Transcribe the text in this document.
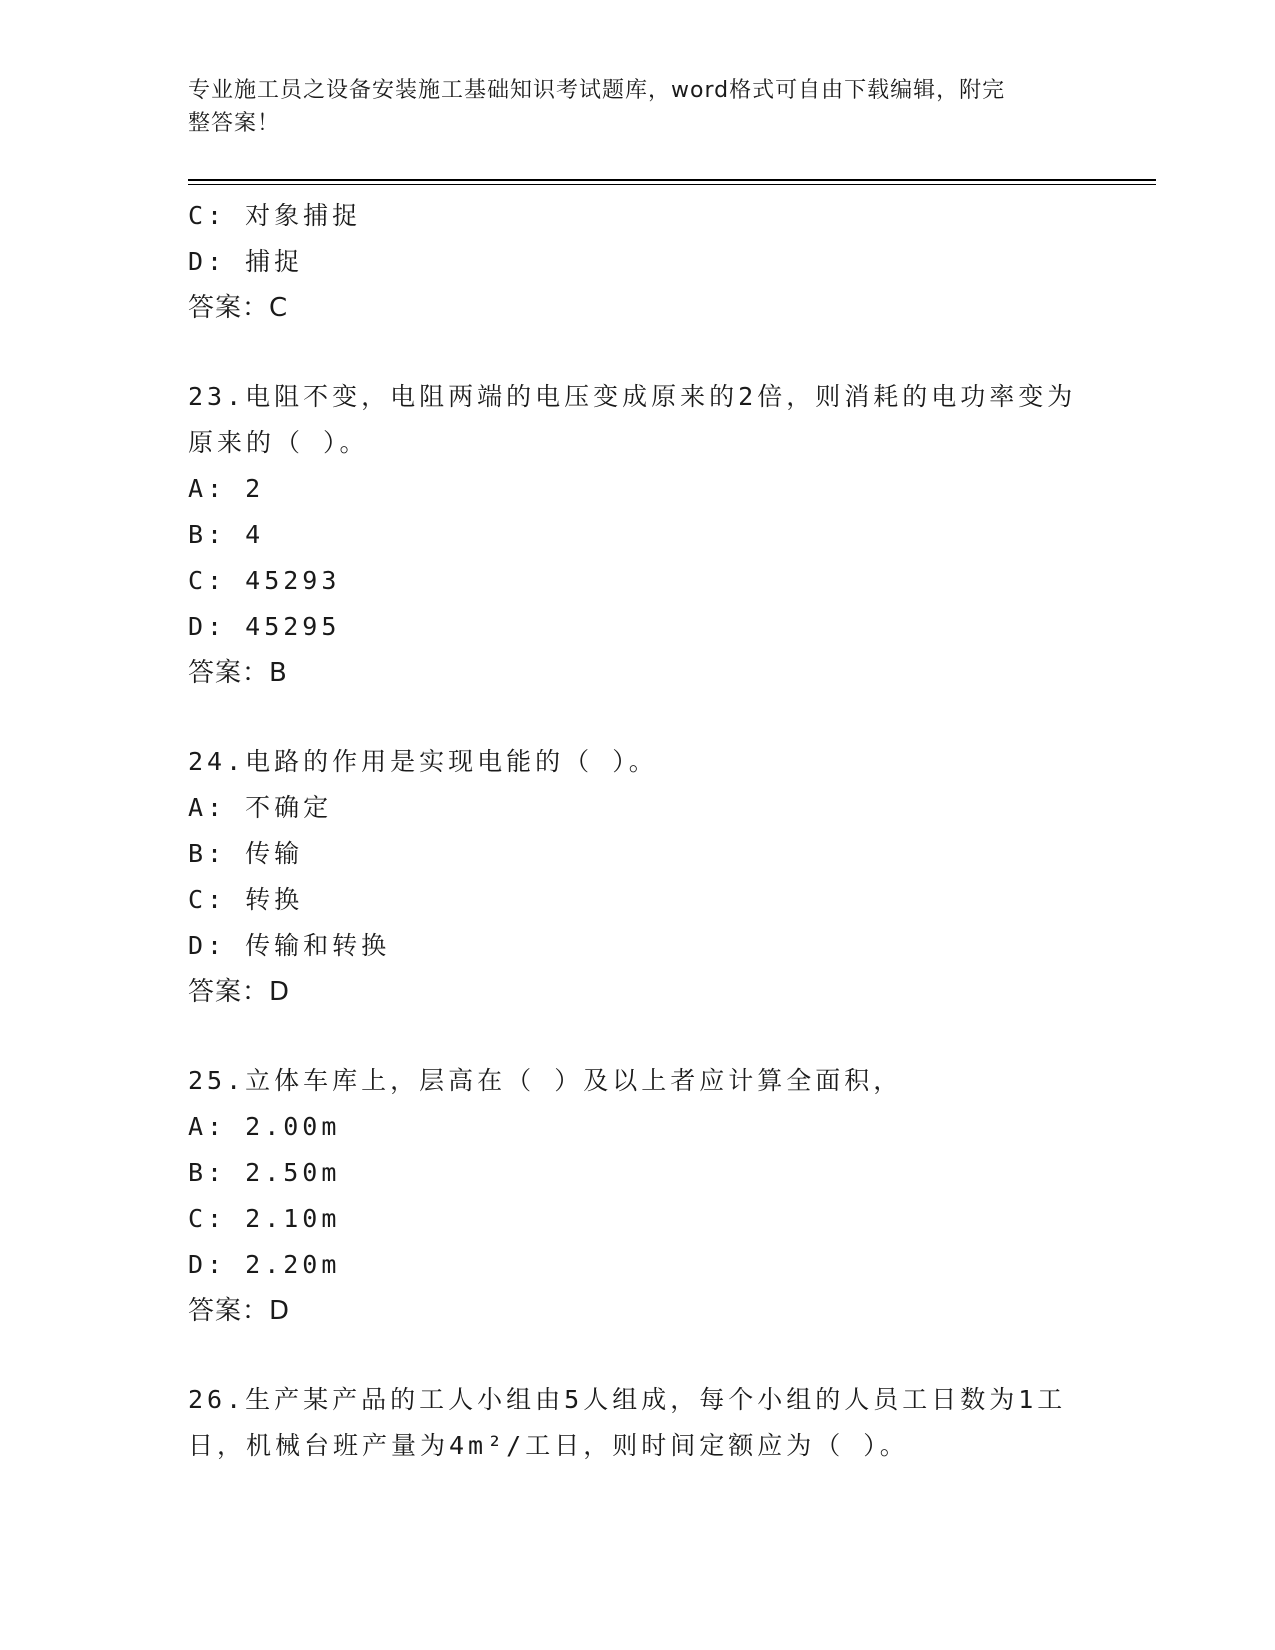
专业施工员之设备安装施工基础知识考试题库，word格式可自由下载编辑，附完
整答案！
C: 对象捕捉
D: 捕捉
答案：C
23.电阻不变，电阻两端的电压变成原来的2倍，则消耗的电功率变为
原来的（ ）。
A: 2
B: 4
C: 45293
D: 45295
答案：B
24.电路的作用是实现电能的（ ）。
A: 不确定
B: 传输
C: 转换
D: 传输和转换
答案：D
25.立体车库上，层高在（ ）及以上者应计算全面积，
A: 2.00m
B: 2.50m
C: 2.10m
D: 2.20m
答案：D
26.生产某产品的工人小组由5人组成，每个小组的人员工日数为1工
日，机械台班产量为4m²/工日，则时间定额应为（ ）。
